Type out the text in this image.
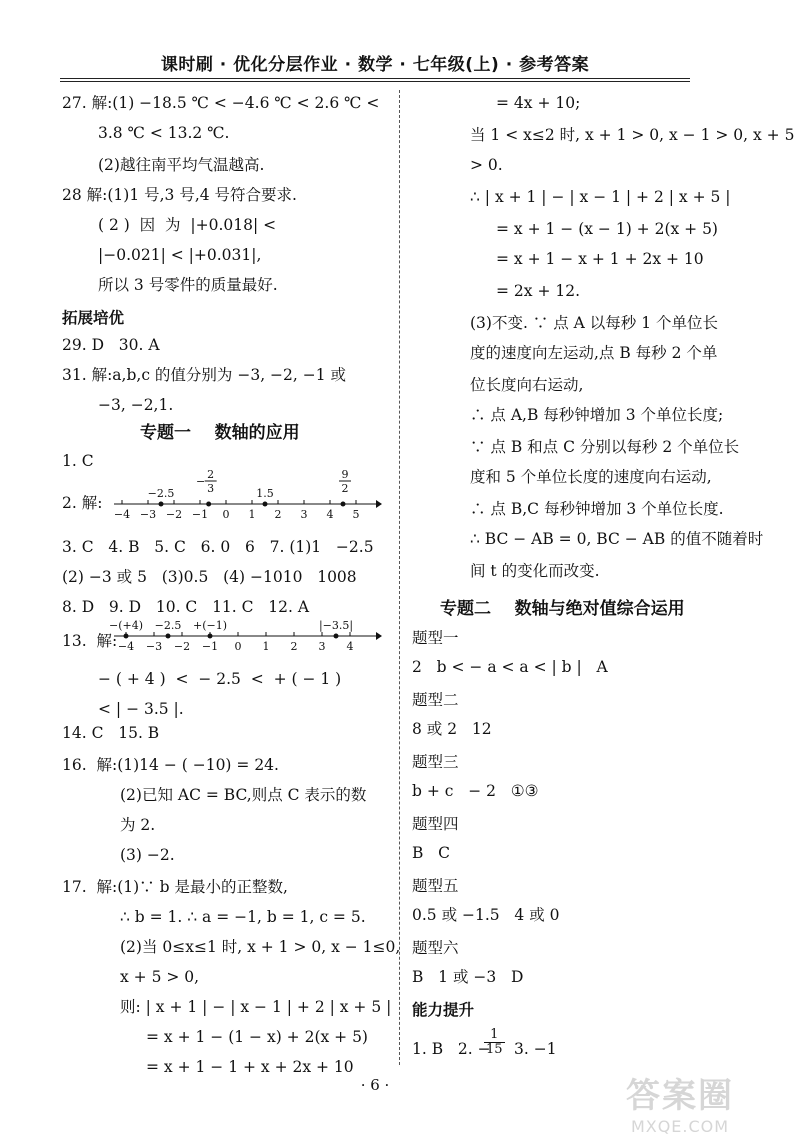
课时刷 · 优化分层作业 · 数学 · 七年级(上) · 参考答案
27. 解:(1) −18.5 ℃ < −4.6 ℃ < 2.6 ℃ <
3.8 ℃ < 13.2 ℃.
(2)越往南平均气温越高.
28 解:(1)1 号,3 号,4 号符合要求.
( 2 )  因  为  |+0.018| <
|−0.021| < |+0.031|,
所以 3 号零件的质量最好.
拓展培优
29. D   30. A
31. 解:a,b,c 的值分别为 −3, −2, −1 或
−3, −2,1.
专题一    数轴的应用
1. C
2. 解:
−4 −3 −2 −1 0 1 2 3 4 5
−2.5	1.5
2
3
−
9
2
3. C   4. B   5. C   6. 0   6   7. (1)1   −2.5
(2) −3 或 5   (3)0.5   (4) −1010   1008
8. D   9. D   10. C   11. C   12. A
13.  解: −4 −3 −2 −1 0 1 2 3 4
−(+4) −2.5 +(−1)	|−3.5|
− ( + 4 )  <  − 2.5  <  + ( − 1 )
< | − 3.5 |.
14. C   15. B
16.  解:(1)14 − ( −10) = 24.
(2)已知 AC = BC,则点 C 表示的数
为 2.
(3) −2.
17.  解:(1)∵ b 是最小的正整数,
∴ b = 1. ∴ a = −1, b = 1, c = 5.
(2)当 0≤x≤1 时, x + 1 > 0, x − 1≤0,
x + 5 > 0,
则: | x + 1 | − | x − 1 | + 2 | x + 5 |
= x + 1 − (1 − x) + 2(x + 5)
= x + 1 − 1 + x + 2x + 10
= 4x + 10;
当 1 < x≤2 时, x + 1 > 0, x − 1 > 0, x + 5
> 0.
∴ | x + 1 | − | x − 1 | + 2 | x + 5 |
= x + 1 − (x − 1) + 2(x + 5)
= x + 1 − x + 1 + 2x + 10
= 2x + 12.
(3)不变. ∵ 点 A 以每秒 1 个单位长
度的速度向左运动,点 B 每秒 2 个单
位长度向右运动,
∴ 点 A,B 每秒钟增加 3 个单位长度;
∵ 点 B 和点 C 分别以每秒 2 个单位长
度和 5 个单位长度的速度向右运动,
∴ 点 B,C 每秒钟增加 3 个单位长度.
∴ BC − AB = 0, BC − AB 的值不随着时
间 t 的变化而改变.
专题二    数轴与绝对值综合运用
题型一
2   b < − a < a < | b |   A
题型二
8 或 2   12
题型三
b + c   − 2   ①③
题型四
B   C
题型五
0.5 或 −1.5   4 或 0
题型六
B   1 或 −3   D
能力提升
1. B   2. −
$\frac{1}{15} 3$. −1
· 6 ·	答案圈
MXQE.COM
